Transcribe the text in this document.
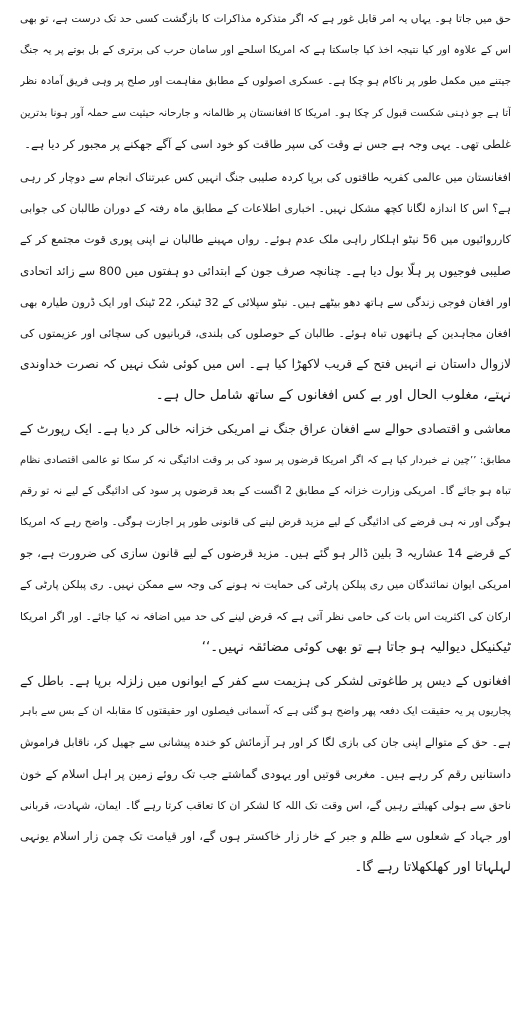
حق میں جاتا ہو۔ یہاں یہ امر قابل غور ہے کہ اگر متذکرہ مذاکرات کا بازگشت کسی حد تک درست ہے، تو بھی
اس کے علاوہ اور کیا نتیجہ اخذ کیا جاسکتا ہے کہ امریکا اسلحے اور سامان حرب کی برتری کے بل بوتے پر یہ جنگ
جیتنے میں مکمل طور پر ناکام ہو چکا ہے۔ عسکری اصولوں کے مطابق مفاہمت اور صلح پر وہی فریق آمادہ نظر
آتا ہے جو ذہنی شکست قبول کر چکا ہو۔ امریکا کا افغانستان پر ظالمانہ و جارحانہ حیثیت سے حملہ آور ہونا بدترین
غلطی تھی۔ یہی وجہ ہے جس نے وقت کی سپر طاقت کو خود اسی کے آگے جھکنے پر مجبور کر دیا ہے۔
افغانستان میں عالمی کفریہ طاقتوں کی برپا کردہ صلیبی جنگ انہیں کس عبرتناک انجام سے دوچار کر رہی
ہے؟ اس کا اندازہ لگانا کچھ مشکل نہیں۔ اخباری اطلاعات کے مطابق ماہ رفتہ کے دوران طالبان کی جوابی
کارروائیوں میں 56 نیٹو اہلکار راہی ملک عدم ہوئے۔ رواں مہینے طالبان نے اپنی پوری قوت مجتمع کر کے
صلیبی فوجیوں پر ہلّا بول دیا ہے۔ چنانچہ صرف جون کے ابتدائی دو ہفتوں میں 800 سے زائد اتحادی
اور افغان فوجی زندگی سے ہاتھ دھو بیٹھے ہیں۔ نیٹو سپلائی کے 32 ٹینکر، 22 ٹینک اور ایک ڈرون طیارہ بھی
افغان مجاہدین کے ہاتھوں تباہ ہوئے۔ طالبان کے حوصلوں کی بلندی، قربانیوں کی سچائی اور عزیمتوں کی
لازوال داستان نے انہیں فتح کے قریب لاکھڑا کیا ہے۔ اس میں کوئی شک نہیں کہ نصرت خداوندی
نہتے، مغلوب الحال اور بے کس افغانوں کے ساتھ شامل حال ہے۔
معاشی و اقتصادی حوالے سے افغان عراق جنگ نے امریکی خزانہ خالی کر دیا ہے۔ ایک رپورٹ کے
مطابق: ’’چین نے خبردار کیا ہے کہ اگر امریکا قرضوں پر سود کی بر وقت ادائیگی نہ کر سکا تو عالمی اقتصادی نظام
تباہ ہو جائے گا۔ امریکی وزارت خزانہ کے مطابق 2 اگست کے بعد قرضوں پر سود کی ادائیگی کے لیے نہ تو رقم
ہوگی اور نہ ہی قرضے کی ادائیگی کے لیے مزید قرض لینے کی قانونی طور پر اجازت ہوگی۔ واضح رہے کہ امریکا
کے قرضے 14 عشاریہ 3 بلین ڈالر ہو گئے ہیں۔ مزید قرضوں کے لیے قانون سازی کی ضرورت ہے، جو
امریکی ایوان نمائندگان میں ری پبلکن پارٹی کی حمایت نہ ہونے کی وجہ سے ممکن نہیں۔ ری پبلکن پارٹی کے
ارکان کی اکثریت اس بات کی حامی نظر آتی ہے کہ قرض لینے کی حد میں اضافہ نہ کیا جائے۔ اور اگر امریکا
ٹیکنیکل دیوالیہ ہو جاتا ہے تو بھی کوئی مضائقہ نہیں۔‘‘
افغانوں کے دیس پر طاغوتی لشکر کی ہزیمت سے کفر کے ایوانوں میں زلزلہ برپا ہے۔ باطل کے
پجاریوں پر یہ حقیقت ایک دفعہ پھر واضح ہو گئی ہے کہ آسمانی فیصلوں اور حقیقتوں کا مقابلہ ان کے بس سے باہر
ہے۔ حق کے متوالے اپنی جان کی بازی لگا کر اور ہر آزمائش کو خندہ پیشانی سے جھیل کر، ناقابل فراموش
داستانیں رقم کر رہے ہیں۔ مغربی قوتیں اور یہودی گماشتے جب تک روئے زمین پر اہل اسلام کے خون
ناحق سے ہولی کھیلتے رہیں گے، اس وقت تک اللہ کا لشکر ان کا تعاقب کرتا رہے گا۔ ایمان، شہادت، قربانی
اور جہاد کے شعلوں سے ظلم و جبر کے خار زار خاکستر ہوں گے، اور قیامت تک چمن زار اسلام یونہی
لہلہاتا اور کھلکھلاتا رہے گا۔
